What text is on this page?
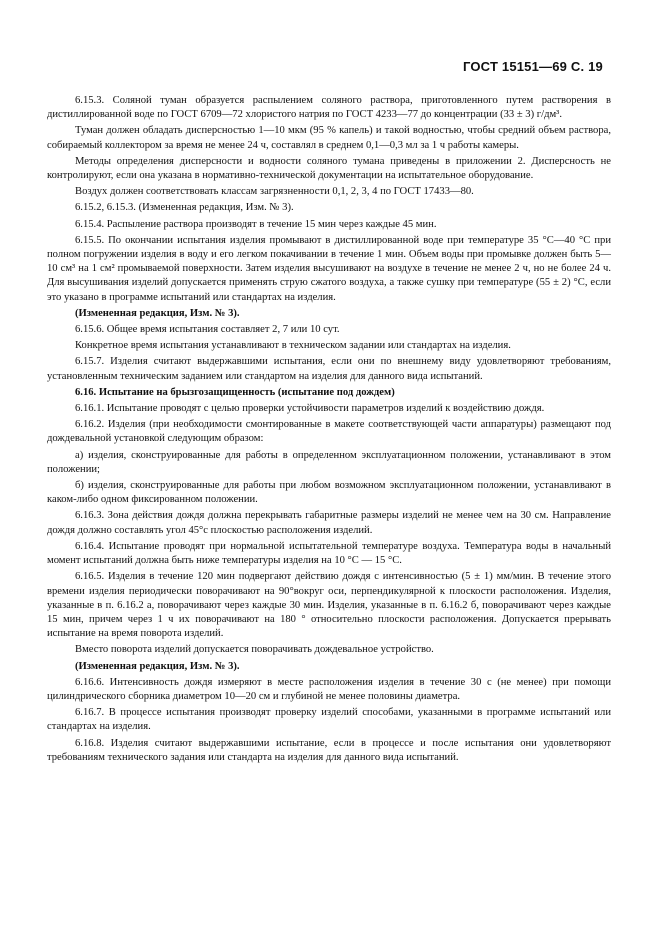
ГОСТ 15151—69 С. 19

6.15.3. Соляной туман образуется распылением соляного раствора, приготовленного путем растворения в дистиллированной воде по ГОСТ 6709—72 хлористого натрия по ГОСТ 4233—77 до концентрации (33 ± 3) г/дм³.

Туман должен обладать дисперсностью 1—10 мкм (95 % капель) и такой водностью, чтобы средний объем раствора, собираемый коллектором за время не менее 24 ч, составлял в среднем 0,1—0,3 мл за 1 ч работы камеры.

Методы определения дисперсности и водности соляного тумана приведены в приложении 2. Дисперсность не контролируют, если она указана в нормативно-технической документации на испытательное оборудование.

Воздух должен соответствовать классам загрязненности 0,1, 2, 3, 4 по ГОСТ 17433—80.

6.15.2, 6.15.3. (Измененная редакция, Изм. № 3).

6.15.4. Распыление раствора производят в течение 15 мин через каждые 45 мин.

6.15.5. По окончании испытания изделия промывают в дистиллированной воде при температуре 35 °С—40 °С при полном погружении изделия в воду и его легком покачивании в течение 1 мин. Объем воды при промывке должен быть 5—10 см³ на 1 см² промываемой поверхности. Затем изделия высушивают на воздухе в течение не менее 2 ч, но не более 24 ч. Для высушивания изделий допускается применять струю сжатого воздуха, а также сушку при температуре (55 ± 2) °С, если это указано в программе испытаний или стандартах на изделия.

(Измененная редакция, Изм. № 3).

6.15.6. Общее время испытания составляет 2, 7 или 10 сут.

Конкретное время испытания устанавливают в техническом задании или стандартах на изделия.

6.15.7. Изделия считают выдержавшими испытания, если они по внешнему виду удовлетворяют требованиям, установленным техническим заданием или стандартом на изделия для данного вида испытаний.

6.16. Испытание на брызгозащищенность (испытание под дождем)

6.16.1. Испытание проводят с целью проверки устойчивости параметров изделий к воздействию дождя.

6.16.2. Изделия (при необходимости смонтированные в макете соответствующей части аппаратуры) размещают под дождевальной установкой следующим образом:

а) изделия, сконструированные для работы в определенном эксплуатационном положении, устанавливают в этом положении;

б) изделия, сконструированные для работы при любом возможном эксплуатационном положении, устанавливают в каком-либо одном фиксированном положении.

6.16.3. Зона действия дождя должна перекрывать габаритные размеры изделий не менее чем на 30 см. Направление дождя должно составлять угол 45°с плоскостью расположения изделий.

6.16.4. Испытание проводят при нормальной испытательной температуре воздуха. Температура воды в начальный момент испытаний должна быть ниже температуры изделия на 10 °С — 15 °С.

6.16.5. Изделия в течение 120 мин подвергают действию дождя с интенсивностью (5 ± 1) мм/мин. В течение этого времени изделия периодически поворачивают на 90°вокруг оси, перпендикулярной к плоскости расположения. Изделия, указанные в п. 6.16.2 а, поворачивают через каждые 30 мин. Изделия, указанные в п. 6.16.2 б, поворачивают через каждые 15 мин, причем через 1 ч их поворачивают на 180 ° относительно плоскости расположения. Допускается прерывать испытание на время поворота изделий.

Вместо поворота изделий допускается поворачивать дождевальное устройство.

(Измененная редакция, Изм. № 3).

6.16.6. Интенсивность дождя измеряют в месте расположения изделия в течение 30 с (не менее) при помощи цилиндрического сборника диаметром 10—20 см и глубиной не менее половины диаметра.

6.16.7. В процессе испытания производят проверку изделий способами, указанными в программе испытаний или стандартах на изделия.

6.16.8. Изделия считают выдержавшими испытание, если в процессе и после испытания они удовлетворяют требованиям технического задания или стандарта на изделия для данного вида испытаний.
